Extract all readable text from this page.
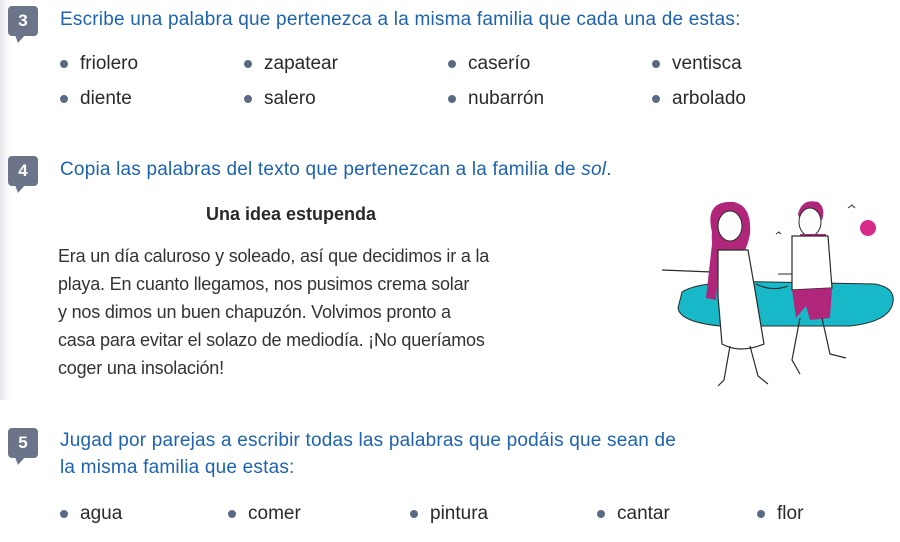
3 Escribe una palabra que pertenezca a la misma familia que cada una de estas:
friolero	zapatear	caserío	ventisca
diente	salero	nubarrón	arbolado
4 Copia las palabras del texto que pertenezcan a la familia de sol.
Una idea estupenda
Era un día caluroso y soleado, así que decidimos ir a la
playa. En cuanto llegamos, nos pusimos crema solar
y nos dimos un buen chapuzón. Volvimos pronto a
casa para evitar el solazo de mediodía. ¡No queríamos
coger una insolación!
5 Jugad por parejas a escribir todas las palabras que podáis que sean de
la misma familia que estas:
agua	comer	pintura	cantar	flor
